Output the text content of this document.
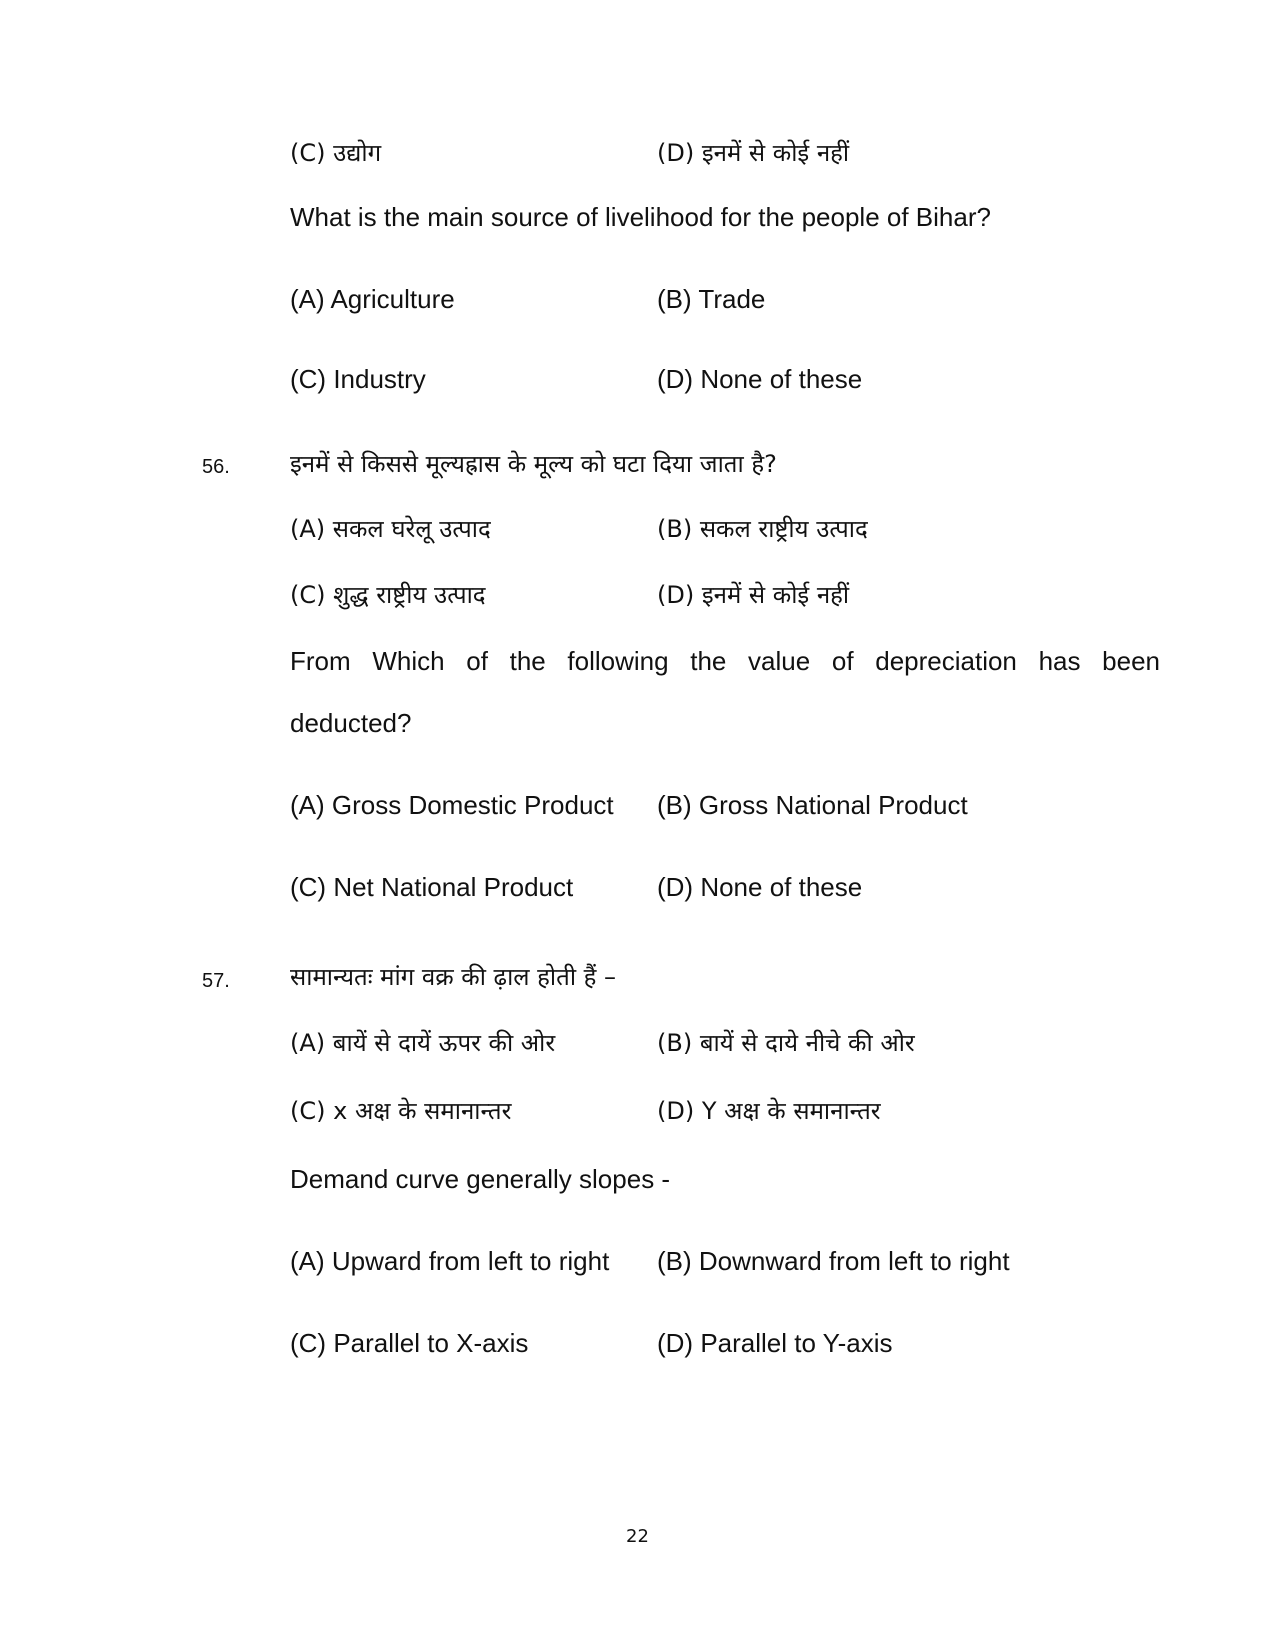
(C) उद्योग	(D) इनमें से कोई नहीं
What is the main source of livelihood for the people of Bihar?
(A) Agriculture	(B) Trade
(C) Industry	(D) None of these
56.	इनमें से किससे मूल्यह्रास के मूल्य को घटा दिया जाता है?
(A) सकल घरेलू उत्पाद	(B) सकल राष्ट्रीय उत्पाद
(C) शुद्ध राष्ट्रीय उत्पाद	(D) इनमें से कोई नहीं
From Which of the following the value of depreciation has been
deducted?
(A) Gross Domestic Product (B) Gross National Product
(C) Net National Product	(D) None of these
57.	सामान्यतः मांग वक्र की ढ़ाल होती हैं –
(A) बायें से दायें ऊपर की ओर	(B) बायें से दाये नीचे की ओर
(C) x अक्ष के समानान्तर	(D) Y अक्ष के समानान्तर
Demand curve generally slopes -
(A) Upward from left to right (B) Downward from left to right
(C) Parallel to X-axis	(D) Parallel to Y-axis
22
